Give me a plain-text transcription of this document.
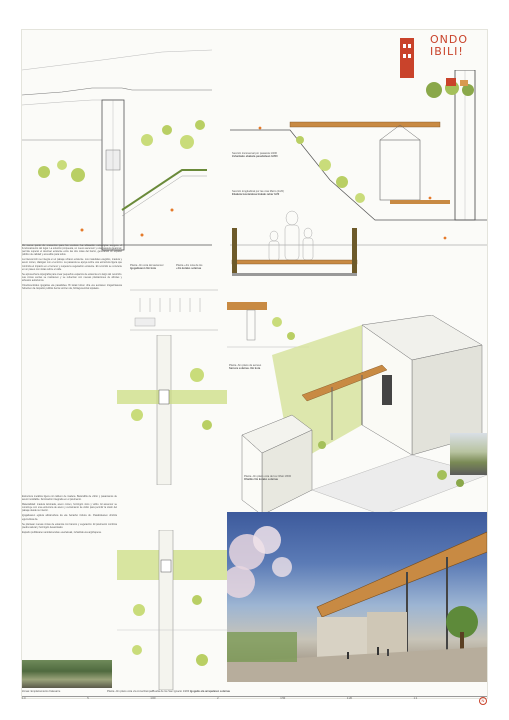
Sección transversal por pasarela 1/200
Zeharkako ebaketa pasabidean 1/200
ONDO
IBILI!
Sección longitudinal por las vías Metro (1/20)
Ebaketa luzetarakoa bideak zehar 1/20

Un nuevo punto de encuentro para los vecinos. La ubicación estratégica asegura el funcionamiento del lugar. La solución propuesta, un nuevo ascensor y una pasarela peatonal, permite superar el desnivel existente entre las dos cotas del barrio, generando un espacio público de calidad y accesible para todos.

La intervención se integra en el paisaje urbano existente. Los materiales elegidos, madera y acero corten, dialogan con el entorno. La pasarela se apoya sobre una estructura ligera que minimiza el impacto en el terreno y respeta la vegetación existente. El recorrido se convierte en un paseo con vistas sobre el valle.

Se aprovecha la topografía para crear pequeños espacios de estancia a lo largo del recorrido. Las zonas verdes se mantienen y se refuerzan con nuevas plantaciones de árboles y arbustos autóctonos.

Oinezkoentzako igogailua eta pasabidea. Bi kotak lotzen dira eta auzoaren irisgarritasuna hobetzen da. Espazio publiko berria sortzen da, bizilagunentzat topaleku.

Planta -0m cota del ascensor
Igogailuaren 0m kota
Planta +4m cota de los
+4m kotako solairua
Planta -6m plano de acceso
Sarrera solairua -6m kota
Planta -0m plano cota de los Oñati 1/500
Oñatiko 0m kotako solairua

Estructura metálica ligera con tablero de madera. Barandilla de vidrio y pasamanos de acero inoxidable. Iluminación integrada en el pavimento.

Materialidad: madera laminada, acero corten, hormigón visto y vidrio. El ascensor se construye con una estructura de acero y cerramiento de vidrio para permitir la visión del paisaje desde su interior.

Igogailuaren egitura altzairuzkoa da eta beirazko itxitura du. Pasabidearen oholtza egurrezkoa da.

Se plantean nuevas zonas de estancia con bancos y vegetación. El pavimento combina piedra natural y hormigón desactivado.

Espazio publikoaren antolamendua: eserlekuak, zuhaitzak eta argiztapena.

Zonas: Emplazamiento Kalesarre	Planta -0m plano cota vía zona Rampa/Buelta de los San Ignacio 1/200 Igogailu eta arrapalaren solairua
1:0	5	1:00	2	1:50	1:20	1:1	N
